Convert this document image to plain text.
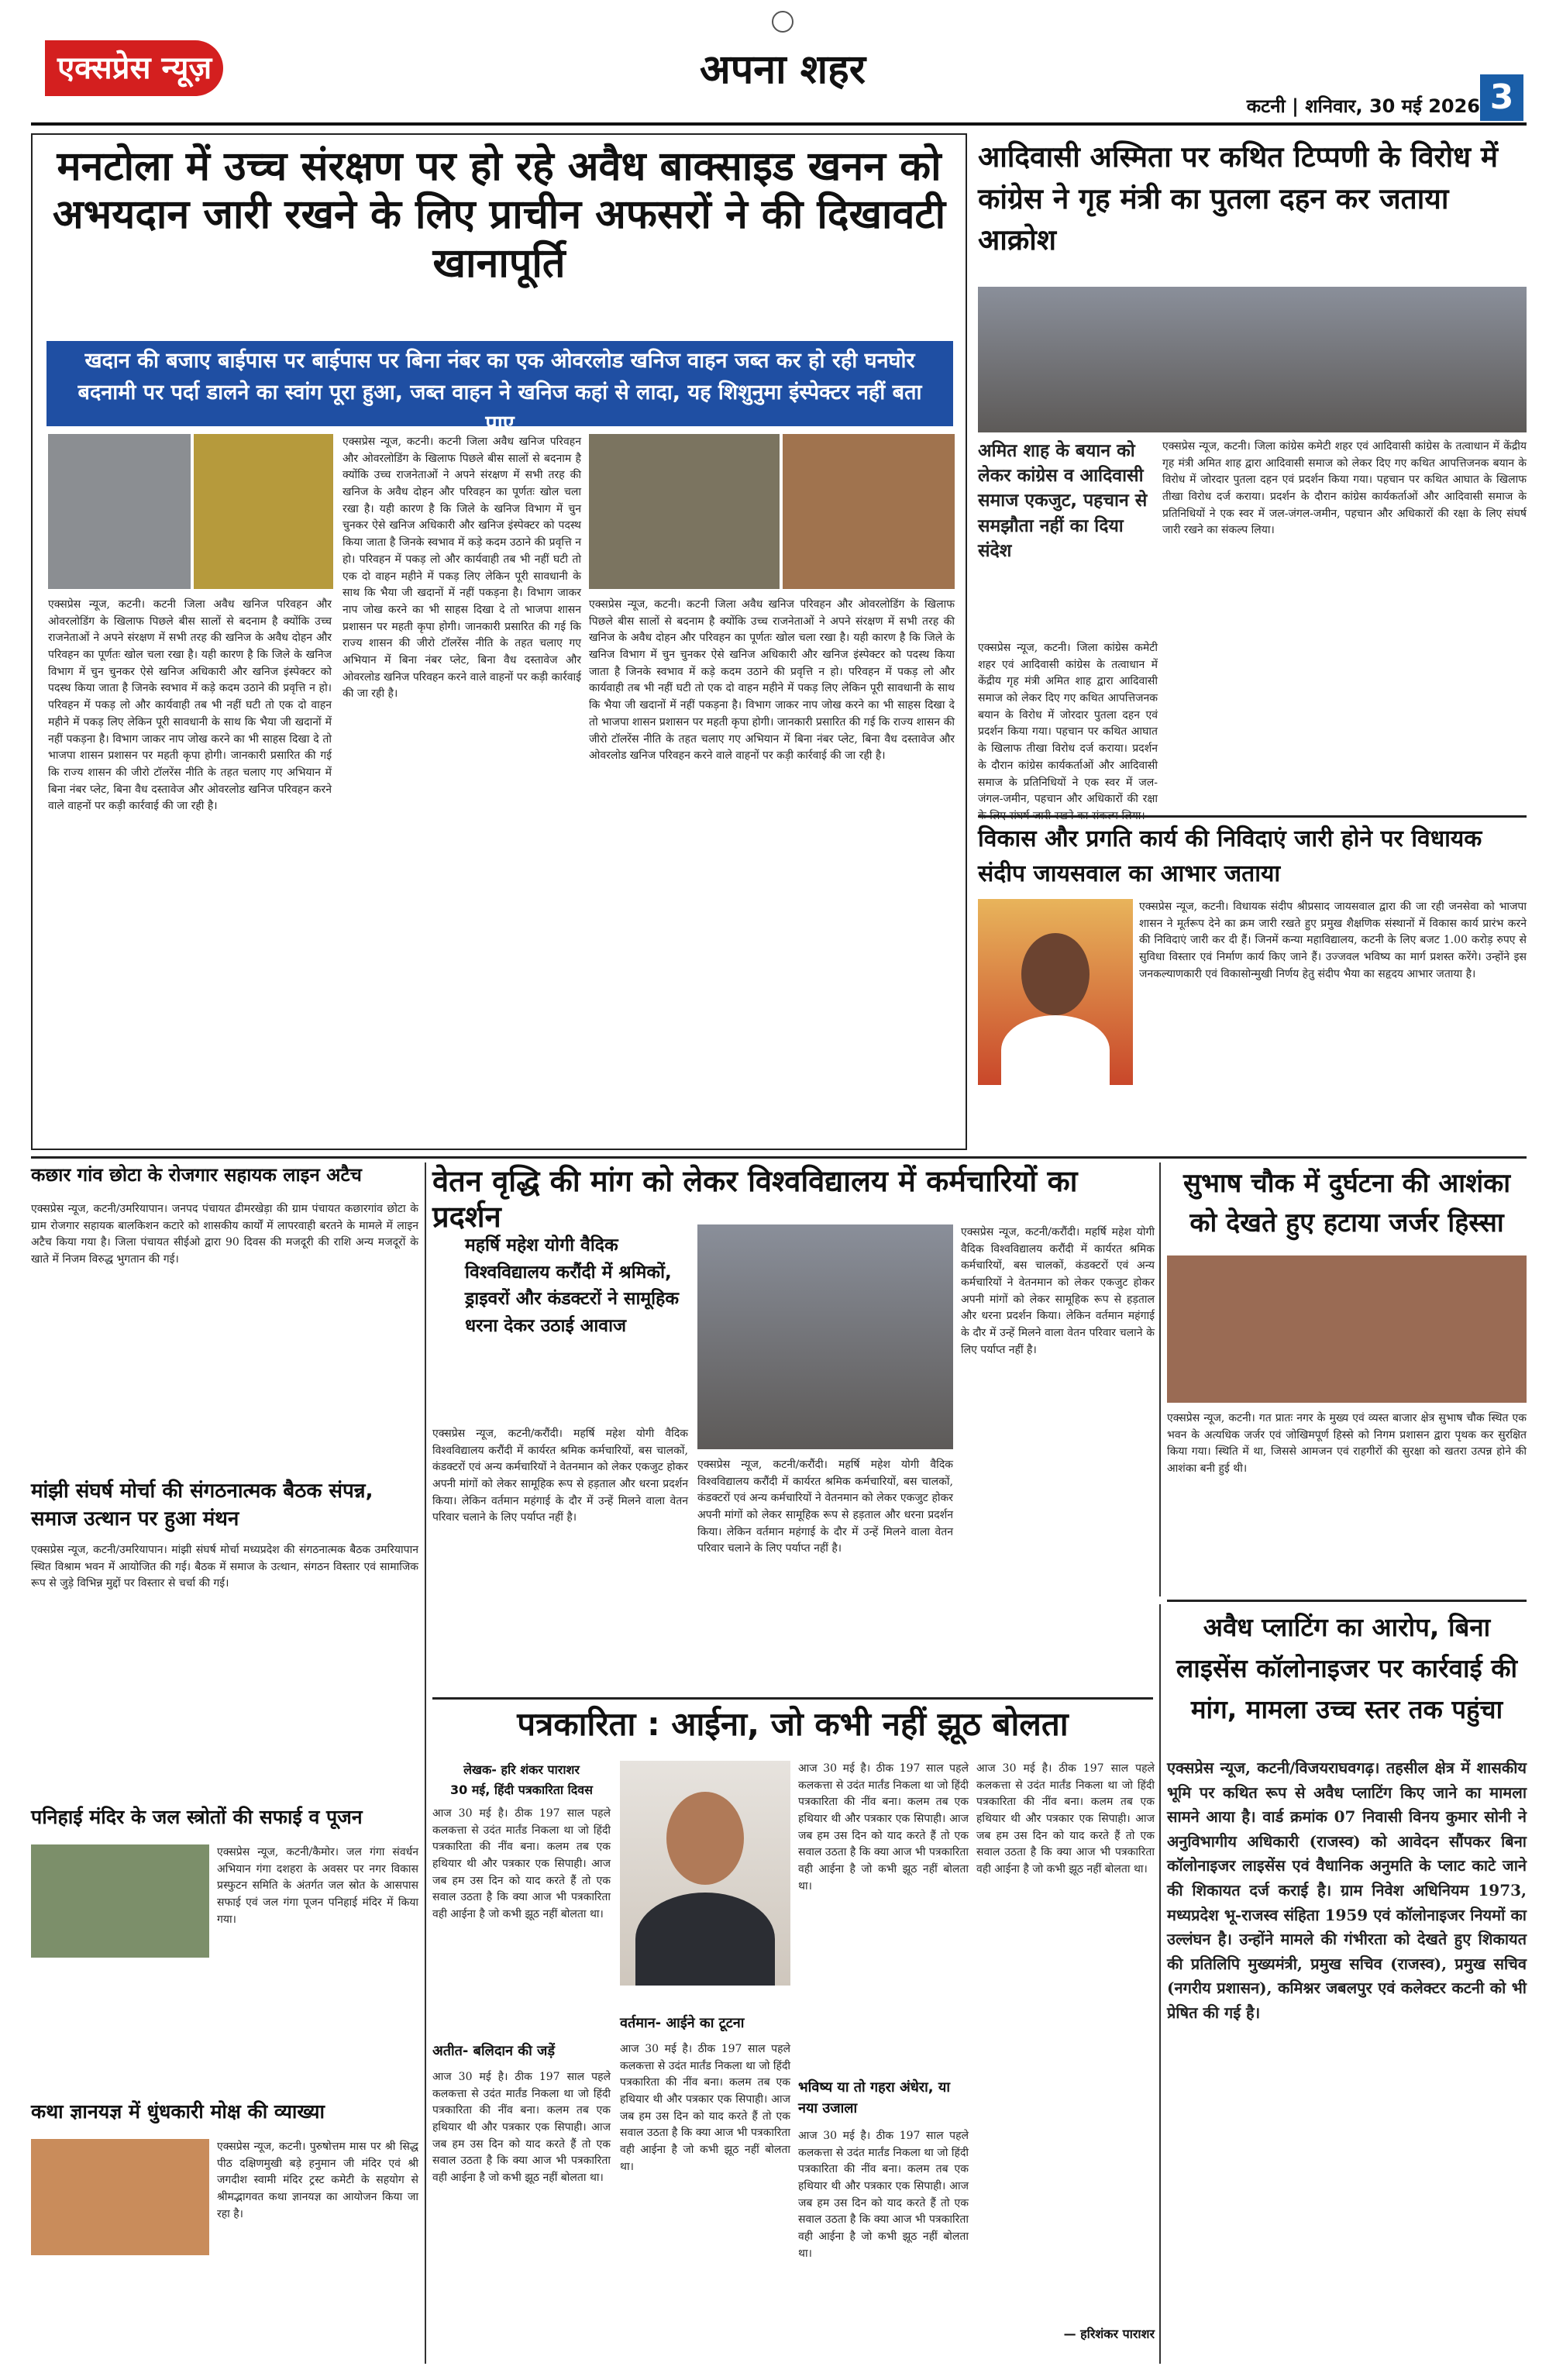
एक्सप्रेस न्यूज़	अपना शहर
कटनी | शनिवार, 30 मई 2026 3
मनटोला में उच्च संरक्षण पर हो रहे अवैध बाक्साइड खनन को अभयदान जारी रखने के लिए प्राचीन अफसरों ने की दिखावटी खानापूर्ति
खदान की बजाए बाईपास पर बाईपास पर बिना नंबर का एक ओवरलोड खनिज वाहन जब्त कर हो रही घनघोर बदनामी पर पर्दा डालने का स्वांग पूरा हुआ, जब्त वाहन ने खनिज कहां से लादा, यह शिशुनुमा इंस्पेक्टर नहीं बता पाए
एक्सप्रेस न्यूज, कटनी। कटनी जिला अवैध खनिज परिवहन और ओवरलोडिंग के खिलाफ पिछले बीस सालों से बदनाम है क्योंकि उच्च राजनेताओं ने अपने संरक्षण में सभी तरह की खनिज के अवैध दोहन और परिवहन का पूर्णतः खोल चला रखा है। यही कारण है कि जिले के खनिज विभाग में चुन चुनकर ऐसे खनिज अधिकारी और खनिज इंस्पेक्टर को पदस्थ किया जाता है जिनके स्वभाव में कड़े कदम उठाने की प्रवृत्ति न हो। परिवहन में पकड़ लो और कार्यवाही तब भी नहीं घटी तो एक दो वाहन महीने में पकड़ लिए लेकिन पूरी सावधानी के साथ कि भैया जी खदानों में नहीं पकड़ना है। विभाग जाकर नाप जोख करने का भी साहस दिखा दे तो भाजपा शासन प्रशासन पर महती कृपा होगी। जानकारी प्रसारित की गई कि राज्य शासन की जीरो टॉलरेंस नीति के तहत चलाए गए अभियान में बिना नंबर प्लेट, बिना वैध दस्तावेज और ओवरलोड खनिज परिवहन करने वाले वाहनों पर कड़ी कार्रवाई की जा रही है।
एक्सप्रेस न्यूज, कटनी। कटनी जिला अवैध खनिज परिवहन और ओवरलोडिंग के खिलाफ पिछले बीस सालों से बदनाम है क्योंकि उच्च राजनेताओं ने अपने संरक्षण में सभी तरह की खनिज के अवैध दोहन और परिवहन का पूर्णतः खोल चला रखा है। यही कारण है कि जिले के खनिज विभाग में चुन चुनकर ऐसे खनिज अधिकारी और खनिज इंस्पेक्टर को पदस्थ किया जाता है जिनके स्वभाव में कड़े कदम उठाने की प्रवृत्ति न हो। परिवहन में पकड़ लो और कार्यवाही तब भी नहीं घटी तो एक दो वाहन महीने में पकड़ लिए लेकिन पूरी सावधानी के साथ कि भैया जी खदानों में नहीं पकड़ना है। विभाग जाकर नाप जोख करने का भी साहस दिखा दे तो भाजपा शासन प्रशासन पर महती कृपा होगी। जानकारी प्रसारित की गई कि राज्य शासन की जीरो टॉलरेंस नीति के तहत चलाए गए अभियान में बिना नंबर प्लेट, बिना वैध दस्तावेज और ओवरलोड खनिज परिवहन करने वाले वाहनों पर कड़ी कार्रवाई की जा रही है।
एक्सप्रेस न्यूज, कटनी। कटनी जिला अवैध खनिज परिवहन और ओवरलोडिंग के खिलाफ पिछले बीस सालों से बदनाम है क्योंकि उच्च राजनेताओं ने अपने संरक्षण में सभी तरह की खनिज के अवैध दोहन और परिवहन का पूर्णतः खोल चला रखा है। यही कारण है कि जिले के खनिज विभाग में चुन चुनकर ऐसे खनिज अधिकारी और खनिज इंस्पेक्टर को पदस्थ किया जाता है जिनके स्वभाव में कड़े कदम उठाने की प्रवृत्ति न हो। परिवहन में पकड़ लो और कार्यवाही तब भी नहीं घटी तो एक दो वाहन महीने में पकड़ लिए लेकिन पूरी सावधानी के साथ कि भैया जी खदानों में नहीं पकड़ना है। विभाग जाकर नाप जोख करने का भी साहस दिखा दे तो भाजपा शासन प्रशासन पर महती कृपा होगी। जानकारी प्रसारित की गई कि राज्य शासन की जीरो टॉलरेंस नीति के तहत चलाए गए अभियान में बिना नंबर प्लेट, बिना वैध दस्तावेज और ओवरलोड खनिज परिवहन करने वाले वाहनों पर कड़ी कार्रवाई की जा रही है।
आदिवासी अस्मिता पर कथित टिप्पणी के विरोध में कांग्रेस ने गृह मंत्री का पुतला दहन कर जताया आक्रोश
अमित शाह के बयान को लेकर कांग्रेस व आदिवासी समाज एकजुट, पहचान से समझौता नहीं का दिया संदेश
एक्सप्रेस न्यूज, कटनी। जिला कांग्रेस कमेटी शहर एवं आदिवासी कांग्रेस के तत्वाधान में केंद्रीय गृह मंत्री अमित शाह द्वारा आदिवासी समाज को लेकर दिए गए कथित आपत्तिजनक बयान के विरोध में जोरदार पुतला दहन एवं प्रदर्शन किया गया। पहचान पर कथित आघात के खिलाफ तीखा विरोध दर्ज कराया। प्रदर्शन के दौरान कांग्रेस कार्यकर्ताओं और आदिवासी समाज के प्रतिनिधियों ने एक स्वर में जल-जंगल-जमीन, पहचान और अधिकारों की रक्षा के लिए संघर्ष जारी रखने का संकल्प लिया।
एक्सप्रेस न्यूज, कटनी। जिला कांग्रेस कमेटी शहर एवं आदिवासी कांग्रेस के तत्वाधान में केंद्रीय गृह मंत्री अमित शाह द्वारा आदिवासी समाज को लेकर दिए गए कथित आपत्तिजनक बयान के विरोध में जोरदार पुतला दहन एवं प्रदर्शन किया गया। पहचान पर कथित आघात के खिलाफ तीखा विरोध दर्ज कराया। प्रदर्शन के दौरान कांग्रेस कार्यकर्ताओं और आदिवासी समाज के प्रतिनिधियों ने एक स्वर में जल-जंगल-जमीन, पहचान और अधिकारों की रक्षा
विकास और प्रगति कार्य की निविदाएं जारी होने पर विधायक संदीप जायसवाल का आभार जताया
एक्सप्रेस न्यूज, कटनी। विधायक संदीप श्रीप्रसाद जायसवाल द्वारा की जा रही जनसेवा को भाजपा शासन ने मूर्तरूप देने का क्रम जारी रखते हुए प्रमुख शैक्षणिक संस्थानों में विकास कार्य प्रारंभ करने की निविदाएं जारी कर दी हैं। जिनमें कन्या महाविद्यालय, कटनी के लिए बजट 1.00 करोड़ रुपए से सुविधा विस्तार एवं निर्माण कार्य किए जाने हैं। उज्जवल भविष्य का मार्ग प्रशस्त करेंगे। उन्होंने इस जनकल्याणकारी एवं विकासोन्मुखी निर्णय हेतु संदीप भैया का सहृदय आभार जताया है।
कछार गांव छोटा के रोजगार सहायक लाइन अटैच
एक्सप्रेस न्यूज, कटनी/उमरियापान। जनपद पंचायत ढीमरखेड़ा की ग्राम पंचायत कछारगांव छोटा के ग्राम रोजगार सहायक बालकिशन कटारे को शासकीय कार्यों में लापरवाही बरतने के मामले में लाइन अटैच किया गया है। जिला पंचायत सीईओ द्वारा 90 दिवस की मजदूरी की राशि अन्य मजदूरों के खाते में निजम विरुद्ध भुगतान की गई।
मांझी संघर्ष मोर्चा की संगठनात्मक बैठक संपन्न, समाज उत्थान पर हुआ मंथन
एक्सप्रेस न्यूज, कटनी/उमरियापान। मांझी संघर्ष मोर्चा मध्यप्रदेश की संगठनात्मक बैठक उमरियापान स्थित विश्राम भवन में आयोजित की गई। बैठक में समाज के उत्थान, संगठन विस्तार एवं सामाजिक रूप से जुड़े विभिन्न मुद्दों पर विस्तार से चर्चा की गई।
पनिहाई मंदिर के जल स्त्रोतों की सफाई व पूजन
एक्सप्रेस न्यूज, कटनी/कैमोर। जल गंगा संवर्धन अभियान गंगा दशहरा के अवसर पर नगर विकास प्रस्फुटन समिति के अंतर्गत जल स्रोत के आसपास सफाई एवं जल गंगा पूजन पनिहाई मंदिर में किया गया।
कथा ज्ञानयज्ञ में धुंधकारी मोक्ष की व्याख्या
एक्सप्रेस न्यूज, कटनी। पुरुषोत्तम मास पर श्री सिद्ध पीठ दक्षिणमुखी बड़े हनुमान जी मंदिर एवं श्री जगदीश स्वामी मंदिर ट्रस्ट कमेटी के सहयोग से श्रीमद्भागवत कथा ज्ञानयज्ञ का आयोजन किया जा रहा है।
वेतन वृद्धि की मांग को लेकर विश्वविद्यालय में कर्मचारियों का प्रदर्शन
महर्षि महेश योगी वैदिक विश्वविद्यालय करौंदी में श्रमिकों, ड्राइवरों और कंडक्टरों ने सामूहिक धरना देकर उठाई आवाज
एक्सप्रेस न्यूज, कटनी/करौंदी। महर्षि महेश योगी वैदिक विश्वविद्यालय करौंदी में कार्यरत श्रमिक कर्मचारियों, बस चालकों, कंडक्टरों एवं अन्य कर्मचारियों ने वेतनमान को लेकर एकजुट होकर अपनी मांगों को लेकर सामूहिक रूप से हड़ताल और धरना प्रदर्शन किया। लेकिन वर्तमान महंगाई के दौर में उन्हें मिलने वाला वेतन परिवार चलाने के लिए पर्याप्त नहीं है।
एक्सप्रेस न्यूज, कटनी/करौंदी। महर्षि महेश योगी वैदिक विश्वविद्यालय करौंदी में कार्यरत श्रमिक कर्मचारियों, बस चालकों, कंडक्टरों एवं अन्य कर्मचारियों ने वेतनमान को लेकर एकजुट होकर अपनी मांगों को लेकर सामूहिक रूप से हड़ताल और धरना प्रदर्शन किया। लेकिन वर्तमान महंगाई के दौर में उन्हें मिलने वाला वेतन परिवार चलाने के लिए पर्याप्त नहीं है।
एक्सप्रेस न्यूज, कटनी/करौंदी। महर्षि महेश योगी वैदिक विश्वविद्यालय करौंदी में कार्यरत श्रमिक कर्मचारियों, बस चालकों, कंडक्टरों एवं अन्य कर्मचारियों ने वेतनमान को लेकर एकजुट होकर अपनी मांगों को लेकर सामूहिक रूप से हड़ताल और धरना प्रदर्शन किया। लेकिन वर्तमान महंगाई के दौर में उन्हें मिलने वाला वेतन परिवार चलाने के लिए पर्याप्त नहीं है।
सुभाष चौक में दुर्घटना की आशंका को देखते हुए हटाया जर्जर हिस्सा
एक्सप्रेस न्यूज, कटनी। गत प्रातः नगर के मुख्य एवं व्यस्त बाजार क्षेत्र सुभाष चौक स्थित एक भवन के अत्यधिक जर्जर एवं जोखिमपूर्ण हिस्से को निगम प्रशासन द्वारा पृथक कर सुरक्षित किया गया। स्थिति में था, जिससे आमजन एवं राहगीरों की सुरक्षा को खतरा उत्पन्न होने की आशंका बनी हुई थी।
पत्रकारिता : आईना, जो कभी नहीं झूठ बोलता
लेखक- हरि शंकर पाराशर
30 मई, हिंदी पत्रकारिता दिवस
आज 30 मई है। ठीक 197 साल पहले कलकत्ता से उदंत मार्तंड निकला था जो हिंदी पत्रकारिता की नींव बना। कलम तब एक हथियार थी और पत्रकार एक सिपाही। आज जब हम उस दिन को याद करते हैं तो एक सवाल उठता है कि क्या आज भी पत्रकारिता वही आईना है जो कभी झूठ नहीं बोलता था।
अतीत- बलिदान की जड़ें
आज 30 मई है। ठीक 197 साल पहले कलकत्ता से उदंत मार्तंड निकला था जो हिंदी पत्रकारिता की नींव बना। कलम तब एक हथियार थी और पत्रकार एक सिपाही। आज जब हम उस दिन को याद करते हैं तो एक सवाल उठता है कि क्या आज भी पत्रकारिता वही आईना है जो कभी झूठ नहीं बोलता था।
वर्तमान- आईने का टूटना
आज 30 मई है। ठीक 197 साल पहले कलकत्ता से उदंत मार्तंड निकला था जो हिंदी पत्रकारिता की नींव बना। कलम तब एक हथियार थी और पत्रकार एक सिपाही। आज जब हम उस दिन को याद करते हैं तो एक सवाल उठता है कि क्या आज भी पत्रकारिता वही आईना है जो कभी झूठ नहीं बोलता था।
आज 30 मई है। ठीक 197 साल पहले कलकत्ता से उदंत मार्तंड निकला था जो हिंदी पत्रकारिता की नींव बना। कलम तब एक हथियार थी और पत्रकार एक सिपाही। आज जब हम उस दिन को याद करते हैं तो एक सवाल उठता है कि क्या आज भी पत्रकारिता वही आईना है जो कभी झूठ नहीं बोलता था।
भविष्य या तो गहरा अंधेरा, या नया उजाला
आज 30 मई है। ठीक 197 साल पहले कलकत्ता से उदंत मार्तंड निकला था जो हिंदी पत्रकारिता की नींव बना। कलम तब एक हथियार थी और पत्रकार एक सिपाही। आज जब हम उस दिन को याद करते हैं तो एक सवाल उठता है कि क्या आज भी पत्रकारिता वही आईना है जो कभी झूठ नहीं बोलता था।
आज 30 मई है। ठीक 197 साल पहले कलकत्ता से उदंत मार्तंड निकला था जो हिंदी पत्रकारिता की नींव बना। कलम तब एक हथियार थी और पत्रकार एक सिपाही। आज जब हम उस दिन को याद करते हैं तो एक सवाल उठता है कि क्या आज भी पत्रकारिता वही आईना है जो कभी झूठ नहीं बोलता था।
— हरिशंकर पाराशर
अवैध प्लाटिंग का आरोप, बिना लाइसेंस कॉलोनाइजर पर कार्रवाई की मांग, मामला उच्च स्तर तक पहुंचा
एक्सप्रेस न्यूज, कटनी/विजयराघवगढ़। तहसील क्षेत्र में शासकीय भूमि पर कथित रूप से अवैध प्लाटिंग किए जाने का मामला सामने आया है। वार्ड क्रमांक 07 निवासी विनय कुमार सोनी ने अनुविभागीय अधिकारी (राजस्व) को आवेदन सौंपकर बिना कॉलोनाइजर लाइसेंस एवं वैधानिक अनुमति के प्लाट काटे जाने की शिकायत दर्ज कराई है। ग्राम निवेश अधिनियम 1973, मध्यप्रदेश भू-राजस्व संहिता 1959 एवं कॉलोनाइजर नियमों का उल्लंघन है। उन्होंने मामले की गंभीरता को देखते हुए शिकायत की प्रतिलिपि मुख्यमंत्री, प्रमुख सचिव (राजस्व), प्रमुख सचिव (नगरीय प्रशासन), कमिश्नर जबलपुर एवं कलेक्टर कटनी को भी प्रेषित की गई है।
